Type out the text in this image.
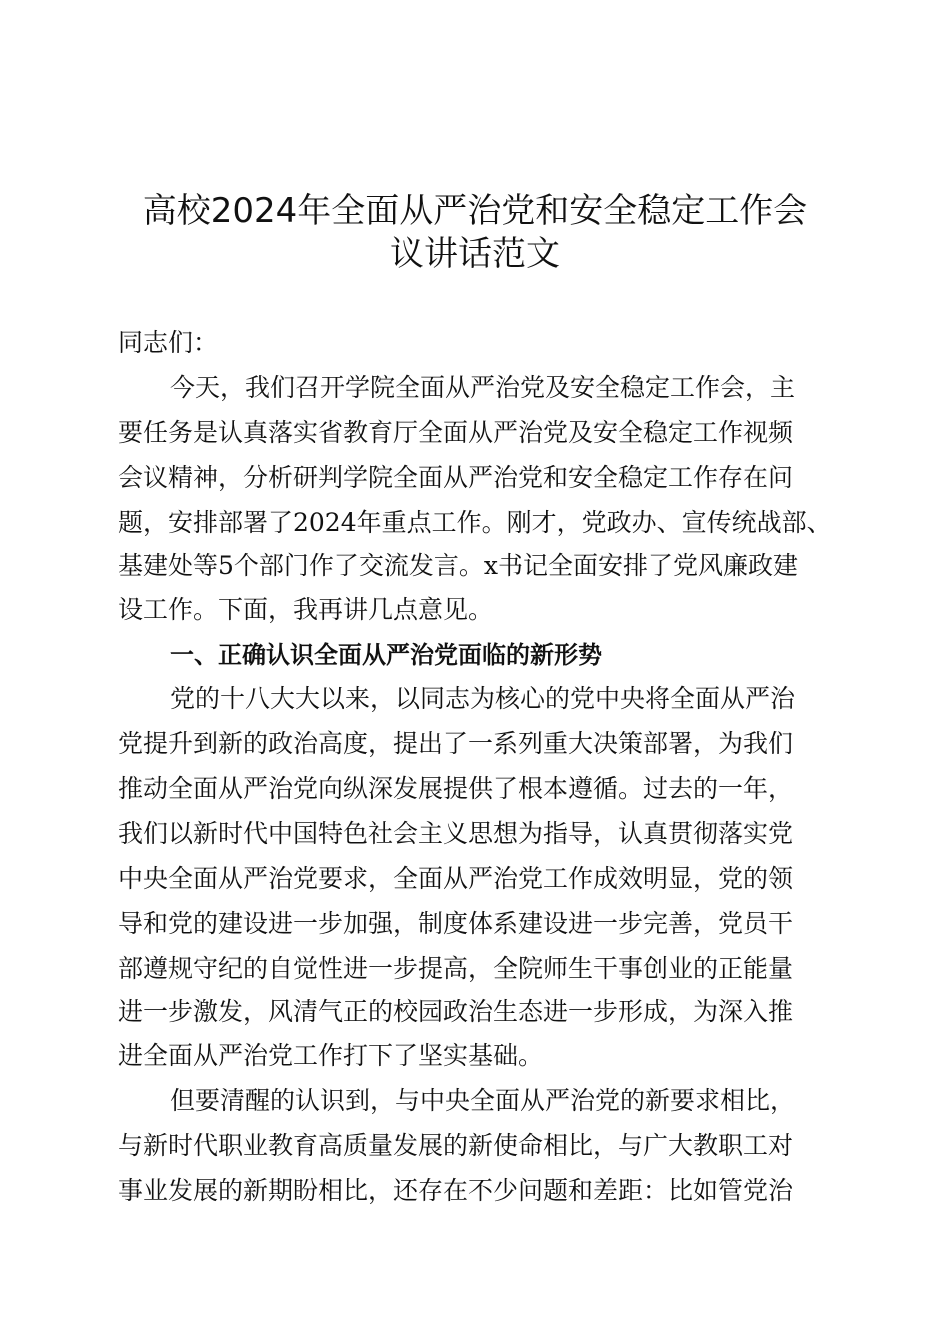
高校2024年全面从严治党和安全稳定工作会
议讲话范文

同志们：

今天，我们召开学院全面从严治党及安全稳定工作会，主

要任务是认真落实省教育厅全面从严治党及安全稳定工作视频

会议精神，分析研判学院全面从严治党和安全稳定工作存在问

题，安排部署了2024年重点工作。刚才，党政办、宣传统战部、

基建处等5个部门作了交流发言。x书记全面安排了党风廉政建

设工作。下面，我再讲几点意见。

一、正确认识全面从严治党面临的新形势

党的十八大大以来，以同志为核心的党中央将全面从严治

党提升到新的政治高度，提出了一系列重大决策部署，为我们

推动全面从严治党向纵深发展提供了根本遵循。过去的一年，

我们以新时代中国特色社会主义思想为指导，认真贯彻落实党

中央全面从严治党要求，全面从严治党工作成效明显，党的领

导和党的建设进一步加强，制度体系建设进一步完善，党员干

部遵规守纪的自觉性进一步提高，全院师生干事创业的正能量

进一步激发，风清气正的校园政治生态进一步形成，为深入推

进全面从严治党工作打下了坚实基础。

但要清醒的认识到，与中央全面从严治党的新要求相比，

与新时代职业教育高质量发展的新使命相比，与广大教职工对

事业发展的新期盼相比，还存在不少问题和差距：比如管党治
